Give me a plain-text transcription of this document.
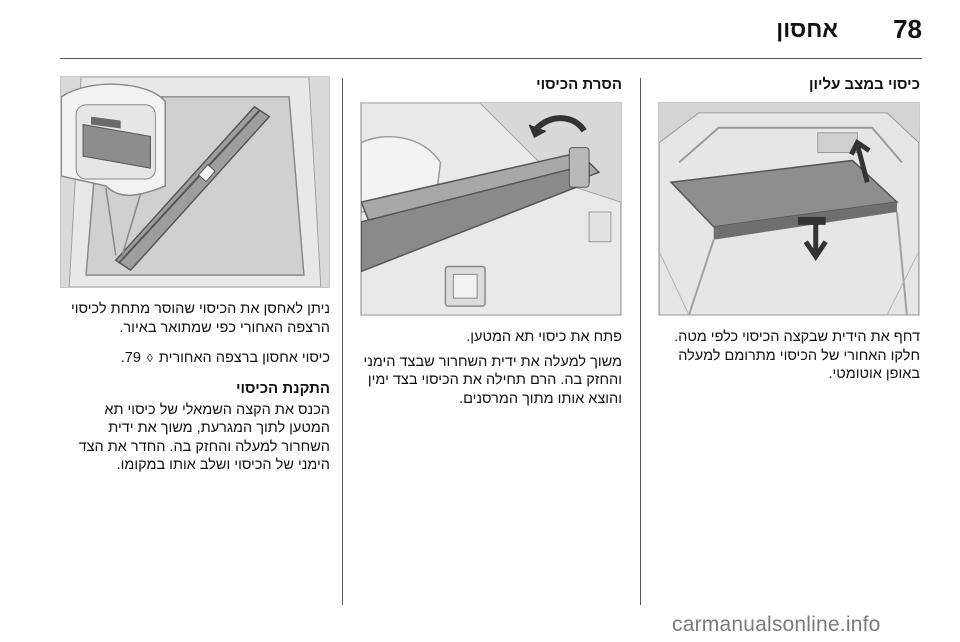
78
אחסון
כיסוי במצב עליון
דחף את הידית שבקצה הכיסוי כלפי מטה. חלקו האחורי של הכיסוי מתרומם למעלה באופן אוטומטי.
הסרת הכיסוי
פתח את כיסוי תא המטען.
משוך למעלה את ידית השחרור שבצד הימני והחזק בה. הרם תחילה את הכיסוי בצד ימין והוצא אותו מתוך המרסנים.
ניתן לאחסן את הכיסוי שהוסר מתחת לכיסוי הרצפה האחורי כפי שמתואר באיור.
כיסוי אחסון ברצפה האחורית ◊ 79.
התקנת הכיסוי
הכנס את הקצה השמאלי של כיסוי תא המטען לתוך המגרעת, משוך את ידית השחרור למעלה והחזק בה. החדר את הצד הימני של הכיסוי ושלב אותו במקומו.
carmanualsonline.info
